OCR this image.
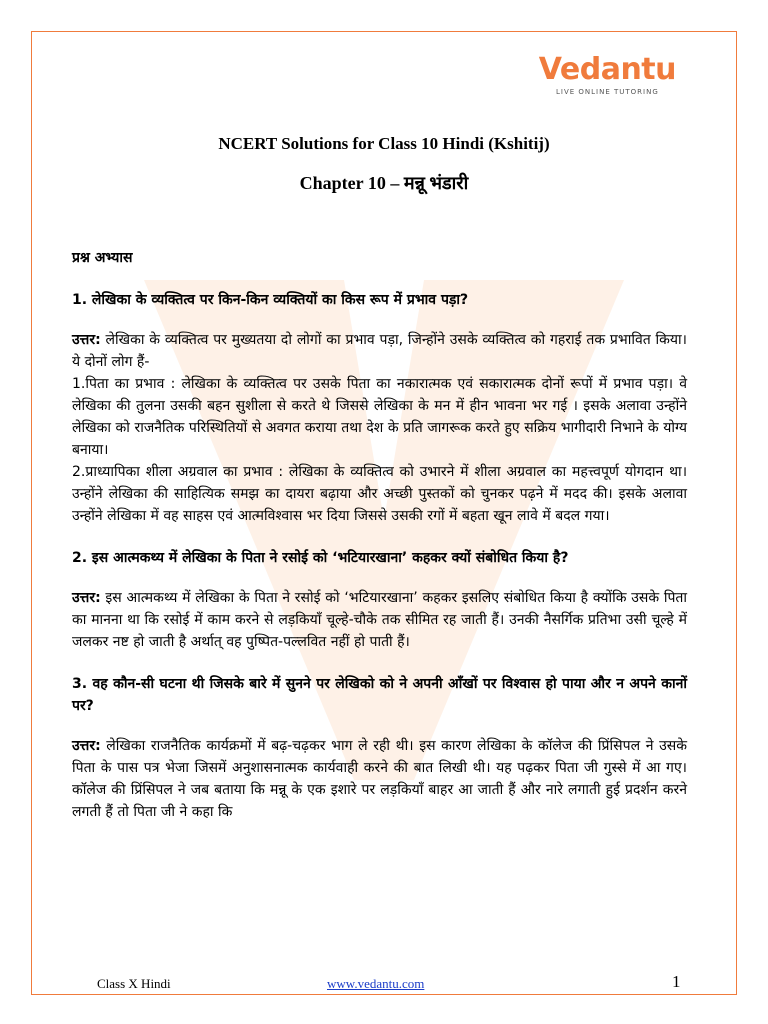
Vedantu
LIVE ONLINE TUTORING
NCERT Solutions for Class 10 Hindi (Kshitij)
Chapter 10 – मन्नू भंडारी
प्रश्न अभ्यास

1. लेखिका के व्यक्तित्व पर किन-किन व्यक्तियों का किस रूप में प्रभाव पड़ा?

उत्तर: लेखिका के व्यक्तित्व पर मुख्यतया दो लोगों का प्रभाव पड़ा, जिन्होंने उसके व्यक्तित्व को गहराई तक प्रभावित किया। ये दोनों लोग हैं-
1.पिता का प्रभाव : लेखिका के व्यक्तित्व पर उसके पिता का नकारात्मक एवं सकारात्मक दोनों रूपों में प्रभाव पड़ा। वे लेखिका की तुलना उसकी बहन सुशीला से करते थे जिससे लेखिका के मन में हीन भावना भर गई । इसके अलावा उन्होंने लेखिका को राजनैतिक परिस्थितियों से अवगत कराया तथा देश के प्रति जागरूक करते हुए सक्रिय भागीदारी निभाने के योग्य बनाया।
2.प्राध्यापिका शीला अग्रवाल का प्रभाव : लेखिका के व्यक्तित्व को उभारने में शीला अग्रवाल का महत्त्वपूर्ण योगदान था। उन्होंने लेखिका की साहित्यिक समझ का दायरा बढ़ाया और अच्छी पुस्तकों को चुनकर पढ़ने में मदद की। इसके अलावा उन्होंने लेखिका में वह साहस एवं आत्मविश्वास भर दिया जिससे उसकी रगों में बहता खून लावे में बदल गया।

2. इस आत्मकथ्य में लेखिका के पिता ने रसोई को ‘भटियारखाना’ कहकर क्यों संबोधित किया है?

उत्तर: इस आत्मकथ्य में लेखिका के पिता ने रसोई को ‘भटियारखाना’ कहकर इसलिए संबोधित किया है क्योंकि उसके पिता का मानना था कि रसोई में काम करने से लड़कियाँ चूल्हे-चौके तक सीमित रह जाती हैं। उनकी नैसर्गिक प्रतिभा उसी चूल्हे में जलकर नष्ट हो जाती है अर्थात् वह पुष्पित-पल्लवित नहीं हो पाती हैं।

3. वह कौन-सी घटना थी जिसके बारे में सुनने पर लेखिको को ने अपनी आँखों पर विश्वास हो पाया और न अपने कानों पर?

उत्तर: लेखिका राजनैतिक कार्यक्रमों में बढ़-चढ़कर भाग ले रही थी। इस कारण लेखिका के कॉलेज की प्रिंसिपल ने उसके पिता के पास पत्र भेजा जिसमें अनुशासनात्मक कार्यवाही करने की बात लिखी थी। यह पढ़कर पिता जी गुस्से में आ गए। कॉलेज की प्रिंसिपल ने जब बताया कि मन्नू के एक इशारे पर लड़कियाँ बाहर आ जाती हैं और नारे लगाती हुई प्रदर्शन करने लगती हैं तो पिता जी ने कहा कि
Class X Hindi	www.vedantu.com	1
